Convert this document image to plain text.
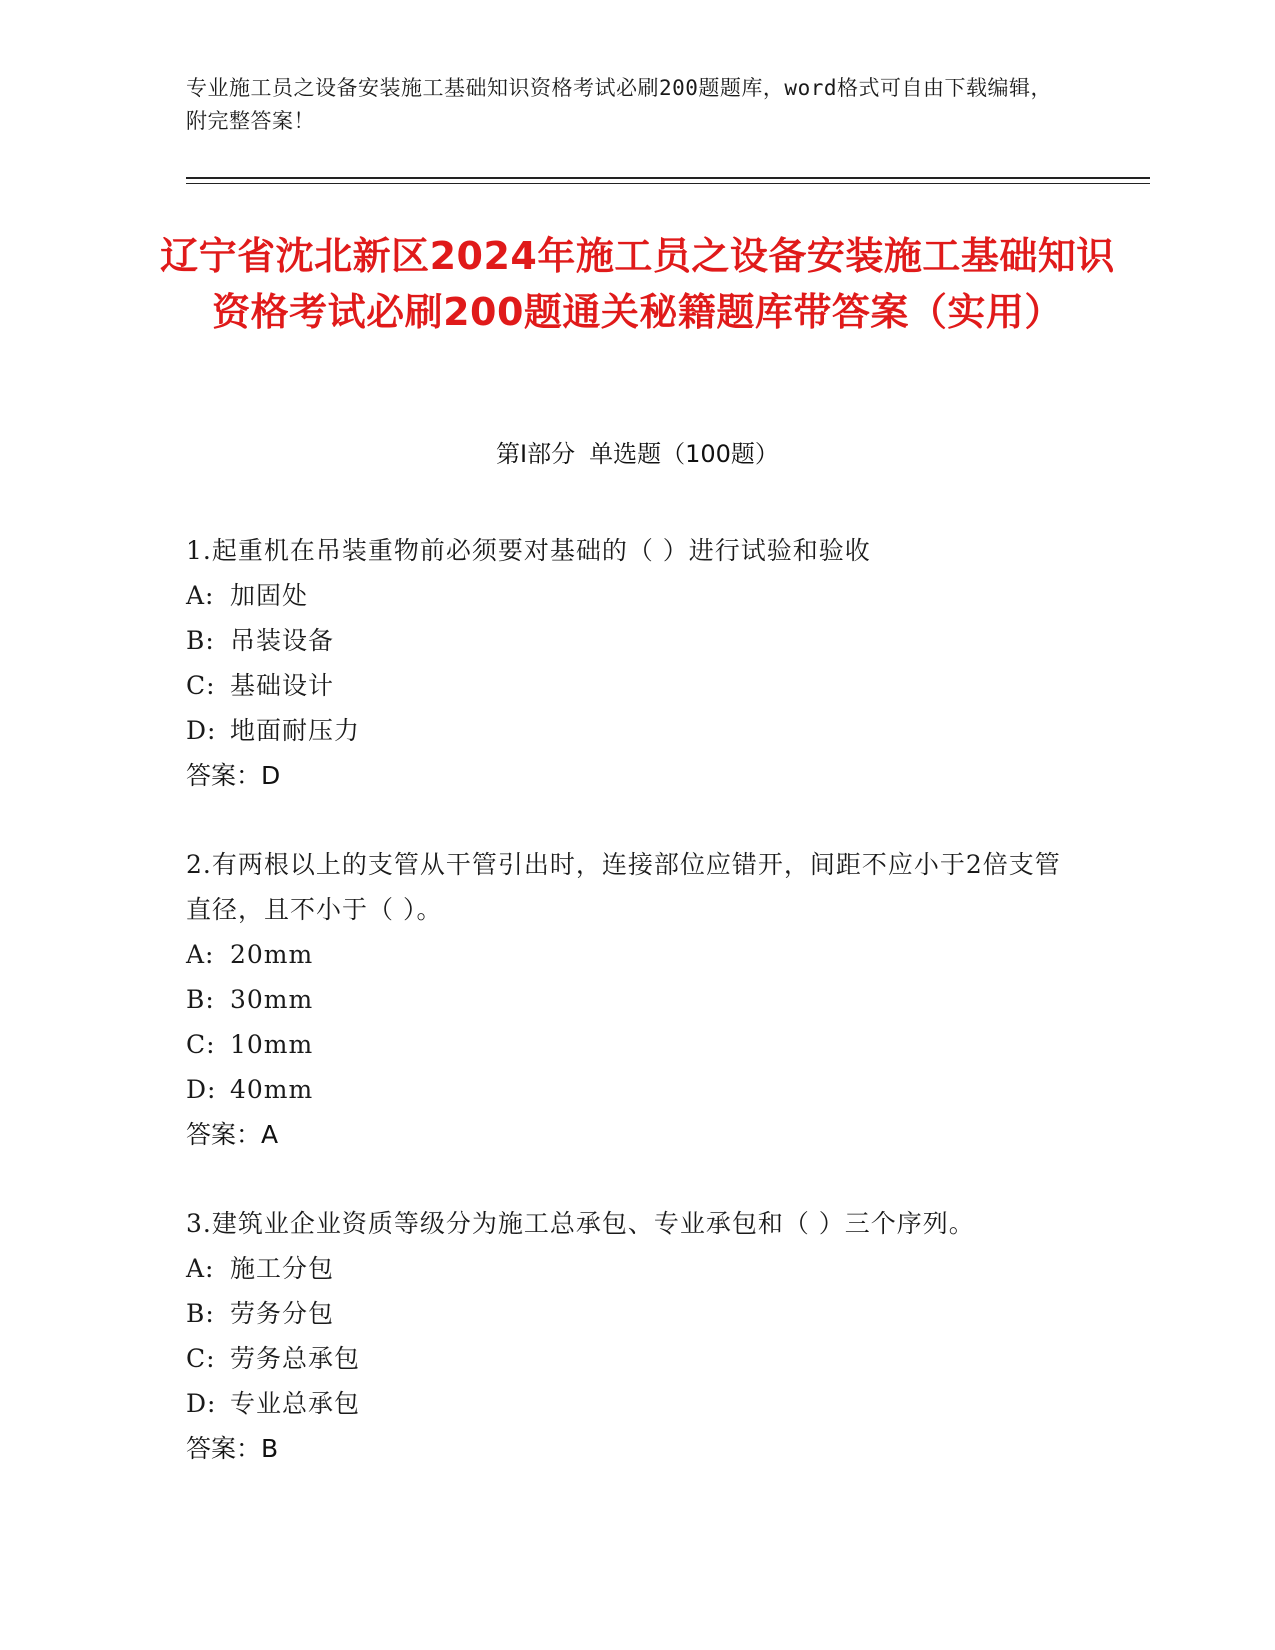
专业施工员之设备安装施工基础知识资格考试必刷200题题库，word格式可自由下载编辑，附完整答案！
辽宁省沈北新区2024年施工员之设备安装施工基础知识资格考试必刷200题通关秘籍题库带答案（实用）
第Ⅰ部分 单选题（100题）
1.起重机在吊装重物前必须要对基础的（ ）进行试验和验收
A: 加固处
B: 吊装设备
C: 基础设计
D: 地面耐压力
答案：D
2.有两根以上的支管从干管引出时，连接部位应错开，间距不应小于2倍支管直径，且不小于（ ）。
A: 20mm
B: 30mm
C: 10mm
D: 40mm
答案：A
3.建筑业企业资质等级分为施工总承包、专业承包和（ ）三个序列。
A: 施工分包
B: 劳务分包
C: 劳务总承包
D: 专业总承包
答案：B
